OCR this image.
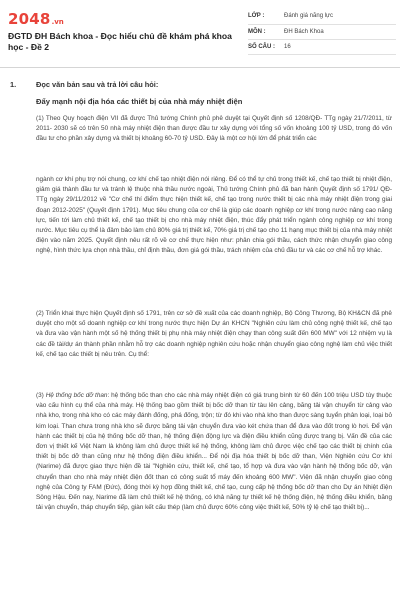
2048 .vn
ĐGTD ĐH Bách khoa - Đọc hiểu chủ đề khám phá khoa học - Đề 2
LỚP :	Đánh giá năng lực
MÔN :	ĐH Bách Khoa
SỐ CÂU :	16
1.	Đọc văn bản sau và trả lời câu hỏi:
Đẩy mạnh nội địa hóa các thiết bị của nhà máy nhiệt điện

(1) Theo Quy hoạch điện VII đã được Thủ tướng Chính phủ phê duyệt tại Quyết định số 1208/QĐ- TTg ngày 21/7/2011, từ 2011- 2030 sẽ có trên 50 nhà máy nhiệt điện than được đầu tư xây dựng với tổng số vốn khoảng 100 tỷ USD, trong đó vốn đầu tư cho phần xây dựng và thiết bị khoảng 60-70 tỷ USD. Đây là một cơ hội lớn để phát triển các

ngành cơ khí phụ trợ nói chung, cơ khí chế tạo nhiệt điện nói riêng. Để có thể tự chủ trong thiết kế, chế tạo thiết bị nhiệt điện, giảm giá thành đầu tư và tránh lệ thuộc nhà thầu nước ngoài, Thủ tướng Chính phủ đã ban hành Quyết định số 1791/ QĐ-TTg ngày 29/11/2012 về "Cơ chế thí điểm thực hiện thiết kế, chế tạo trong nước thiết bị các nhà máy nhiệt điện trong giai đoạn 2012-2025" (Quyết định 1791). Mục tiêu chung của cơ chế là giúp các doanh nghiệp cơ khí trong nước nâng cao năng lực, tiến tới làm chủ thiết kế, chế tạo thiết bị cho nhà máy nhiệt điện, thúc đẩy phát triển ngành công nghiệp cơ khí trong nước. Mục tiêu cụ thể là đảm bảo làm chủ 80% giá trị thiết kế, 70% giá trị chế tạo cho 11 hạng mục thiết bị của nhà máy nhiệt điện vào năm 2025. Quyết định nêu rất rõ về cơ chế thực hiện như: phân chia gói thầu, cách thức nhận chuyển giao công nghệ, hình thức lựa chọn nhà thầu, chỉ định thầu, đơn giá gói thầu, trách nhiệm của chủ đầu tư và các cơ chế hỗ trợ khác.

(2) Triển khai thực hiện Quyết định số 1791, trên cơ sở đề xuất của các doanh nghiệp, Bộ Công Thương, Bộ KH&CN đã phê duyệt cho một số doanh nghiệp cơ khí trong nước thực hiện Dự án KHCN "Nghiên cứu làm chủ công nghệ thiết kế, chế tạo và đưa vào vận hành một số hệ thống thiết bị phụ nhà máy nhiệt điện chạy than công suất đến 600 MW" với 12 nhiệm vụ là các đề tài/dự án thành phần nhằm hỗ trợ các doanh nghiệp nghiên cứu hoặc nhận chuyển giao công nghệ làm chủ việc thiết kế, chế tạo các thiết bị nêu trên. Cụ thể:

(3) Hệ thống bốc dỡ than: hệ thống bốc than cho các nhà máy nhiệt điện có giá trung bình từ 60 đến 100 triệu USD tùy thuộc vào cấu hình cụ thể của nhà máy. Hệ thống bao gồm thiết bị bốc dỡ than từ tàu lên cảng, băng tải vận chuyển từ cảng vào nhà kho, trong nhà kho có các máy đánh đống, phá đống, trộn; từ đó khi vào nhà kho than được sàng tuyển phân loại, loại bỏ kim loại. Than chưa trong nhà kho sẽ được băng tải vận chuyển đưa vào két chứa than để đưa vào đốt trong lò hơi. Để vận hành các thiết bị của hệ thống bốc dỡ than, hệ thống điện động lực và điện điều khiển cũng được trang bị. Vấn đề của các đơn vị thiết kế Việt Nam là không làm chủ được thiết kế hệ thống, không làm chủ được việc chế tạo các thiết bị chính của thiết bị bốc dỡ than cũng như hệ thống điện điều khiển... Để nội địa hóa thiết bị bốc dỡ than, Viện Nghiên cứu Cơ khí (Narime) đã được giao thực hiện đề tài "Nghiên cứu, thiết kế, chế tạo, tổ hợp và đưa vào vận hành hệ thống bốc dỡ, vận chuyển than cho nhà máy nhiệt điện đốt than có công suất tổ máy đến khoảng 600 MW". Viện đã nhận chuyển giao công nghệ của Công ty FAM (Đức), đóng thời kỳ hợp đồng thiết kế, chế tạo, cung cấp hệ thống bốc dỡ than cho Dự án Nhiệt điện Sông Hậu. Đến nay, Narime đã làm chủ thiết kế hệ thống, có khả năng tự thiết kế hệ thống điện, hệ thống điều khiển, băng tải vận chuyển, tháp chuyển tiếp, giàn kết cấu thép (làm chủ được 60% công việc thiết kế, 50% tỷ lệ chế tạo thiết bị)...
